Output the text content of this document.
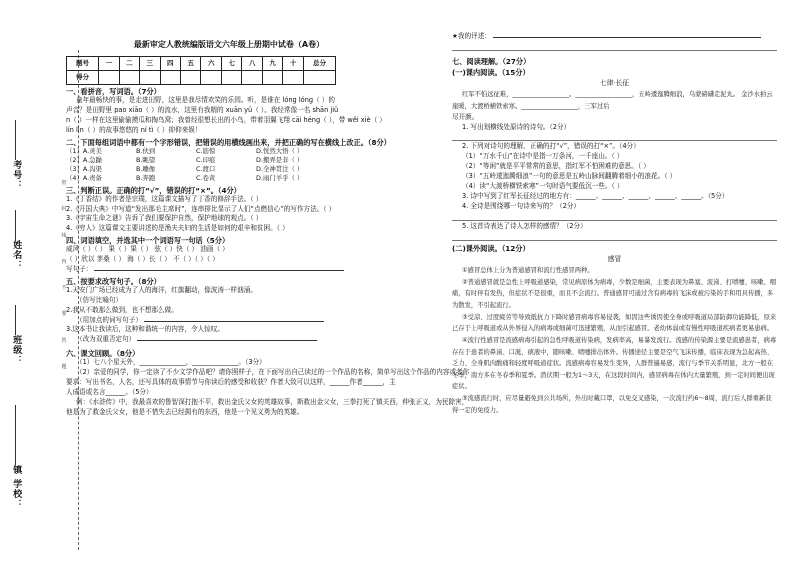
考号：
姓名：
班级：
镇 学校：
密
封
线
内
不
要
答
题
最新审定人教统编版语文六年级上册期中试卷（A卷）
题号	一	二	三	四	五	六	七	八	九	十	总分
得分											
一、看拼音，写词语。（7分）
童年最畅快的事，是走进田野，这里是我尽情欢笑的乐园。听，是谁在 lóng lóng（ ）的
声音？是田野里 pao xiāo（ ）的流水，这里有我精的 xuān yǔ（ ）。我经常像一名 shān jiǔ
n（ ）一样在这里偷偷摸瓜和掏鸟窝；我曾经很想长出的小鸟，带着羽翼飞翔 cāi héng（ ），带 wěi xiè（ ）
lín lìn（ ）的故事悠悠的 ní tì（ ）抑仰来娱！
二、下面每组词语中都有一个字形错误，把错误的用横线画出来，并把正确的写在横线上改正。（8分）
（1）A.灵美	B.伙到	C.筋惊	D.恍然大悟（ ）
（2）A.急躁	B.眺望	C.印痕	D.搬弄是非（ ）
（3）A.沟渠	B.雕像	C.渡口	D.全神贯注（ ）
（4）A.责备	B.奔跑	C.卷黄	D.雨门羊乎（ ）
三、判断正误。正确的打“√”，错误的打“×”。（4分）
1.《丁香结》的作者是宗璞，这篇课文描写了丁香的修辞手法。（ ）
2.《开国大典》中写道“发出那毛主席时”，连串排比显示了人们“点燃信心”的写作方法。（ ）
3.《宇宙生命之谜》告诉了我们要保护自然，保护地球的观点。（ ）
4.《穷人》这篇课文主要讲述的是渔夫夫妇的生活是如何的艰辛和贫困。（ ）
四、词语填空，并选其中一个词语写一句话（5分）
威风（ ）（ ） 果（ ）果（ ） 弦（ ）快（ ） 油画（ ）
（ ）欣以 茅桑（ ） 海（ ）长（ ） 不（ ）（ ）（ ）
写句子：
五、按要求改写句子。（8分）
1.天安门广场已经成为了人的海洋，红旗翻动，像波涛一样汹涌。
（仿写比喻句）
2.我从不敢那么做到，也不想那么做。
（用加点的词写句子）
3.这本书让我读后，这种和谐统一的内容，令人惊叹。
（改为双重否定句）
六、课文回顾。（8分）
（1）七八个星天外，______________，______________。（3分）
（2）亲爱的同学，你一定读了不少文学作品吧？请你照样子，在下面写出自己读过的一个作品的名称，简单写出这个作品的内容或者你
要求：写出书名，人名，还写具体的故事情节与你读后的感受和收获？作者大致可以这样，______作者______，主
人成语或名言______。（5分）
例：《水浒传》中，我最喜欢的鲁智深打抱不平，救出金氏父女的英雄故事，斯救出金父女，三拳打死了镇关西，伸张正义，为民除害，
他是为了救金氏父女，他是不惜失去已经拥有的东西，他是一个见义勇为的英雄。
★我的评述：
七、阅读理解。（27分）
(一)课内阅读。（15分）
七律·长征
红军不怕远征难，__________________。__________________，五岭逶迤腾细浪，乌蒙磅礴走泥丸。 金沙水拍云崖暖，大渡桥横铁索寒。__________________，三军过后
尽开颜。
1. 写出划横线处原诗的诗句。（2分）
2. 下列对诗句的理解，正确的打“√”，错误的打“×”。（4分）
（1）“万水千山”在诗中是指一万条河，一千座山。（ ）
（2）“等闲”就是平平常常的意思，指红军不怕困难的意思。（ ）
（3）“五岭逶迤腾细浪”一句的意思是五岭山脉间翻腾着细小的浪花。（ ）
（4）读“大渡桥横铁索寒”一句时语气要低沉一些。（ ）
3. 诗中写到了红军长征经过的地方有：______、______、______、______、______。（5分）
4. 全诗是围绕哪一句诗来写的？（2分）
5. 这首诗表达了诗人怎样的感情？（2分）
(二)课外阅读。（12分）
感冒
①感冒总体上分为普通感冒和流行性感冒两种。
②普通感冒就是急性上呼吸道感染，常见病原体为病毒，少数是细菌，主要表现为鼻塞、流涕、打喷嚏、咳嗽、咽痛，有时伴有发热，但症状不是很重，而且不会流行。普通感冒可通过含有病毒的飞沫或被污染的手和用具传播，多为散发，不引起流行。
③受凉、过度疲劳等导致抵抗力下降时感冒病毒容易侵袭，如因这些诱因使全身或呼吸道局部防御功能降低，原来已存于上呼吸道或从外界侵入的病毒或细菌可迅速繁殖，从而引起感冒。老幼体弱或有慢性呼吸道疾病者更易患病。
④流行性感冒是流感病毒引起的急性呼吸道传染病，发病率高，易暴发流行。流感的传染源主要是流感患者，病毒存在于患者的鼻涕、口涎、痰液中，随咳嗽、喷嚏排出体外。传播途径主要是空气飞沫传播，临床表现为急起高热、乏力、全身肌肉酸痛和轻度呼吸道症状。流感病毒容易发生变异，人群普遍易感，流行与季节关系明显，北方一般在冬季，南方多在冬春季和夏季。潜伏期一般为1～3天，在这段时间内，感冒病毒在体内大量繁殖，到一定时间便出现症状。
⑤流感流行时，应尽量避免到公共场所，外出时戴口罩，以免交叉感染，一次流行约6～8周，流行后人群重新获得一定的免疫力。
